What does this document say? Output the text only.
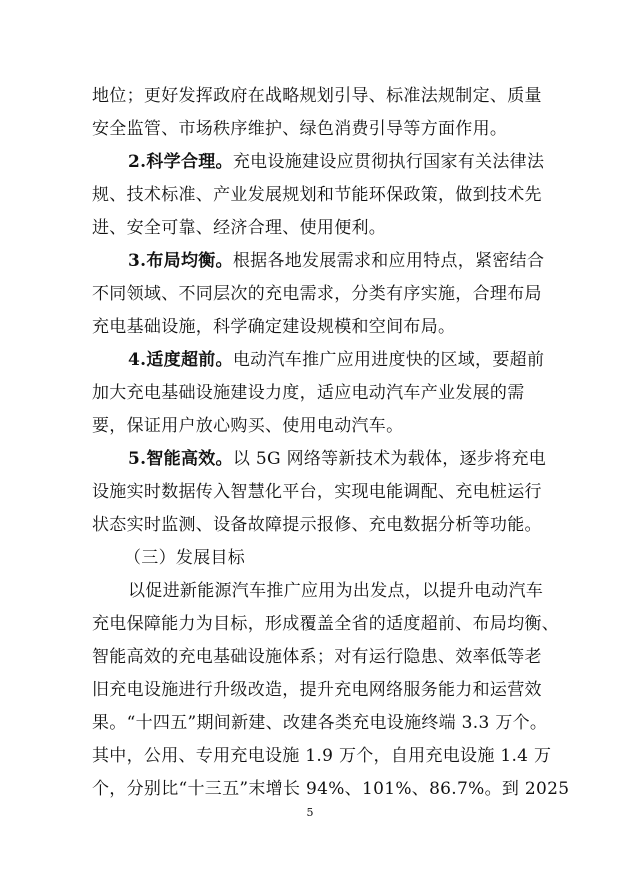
地位；更好发挥政府在战略规划引导、标准法规制定、质量
安全监管、市场秩序维护、绿色消费引导等方面作用。
2.科学合理。充电设施建设应贯彻执行国家有关法律法
规、技术标准、产业发展规划和节能环保政策，做到技术先
进、安全可靠、经济合理、使用便利。
3.布局均衡。根据各地发展需求和应用特点，紧密结合
不同领域、不同层次的充电需求，分类有序实施，合理布局
充电基础设施，科学确定建设规模和空间布局。
4.适度超前。电动汽车推广应用进度快的区域，要超前
加大充电基础设施建设力度，适应电动汽车产业发展的需
要，保证用户放心购买、使用电动汽车。
5.智能高效。以 5G 网络等新技术为载体，逐步将充电
设施实时数据传入智慧化平台，实现电能调配、充电桩运行
状态实时监测、设备故障提示报修、充电数据分析等功能。
（三）发展目标
以促进新能源汽车推广应用为出发点，以提升电动汽车
充电保障能力为目标，形成覆盖全省的适度超前、布局均衡、
智能高效的充电基础设施体系；对有运行隐患、效率低等老
旧充电设施进行升级改造，提升充电网络服务能力和运营效
果。“十四五”期间新建、改建各类充电设施终端 3.3 万个。
其中，公用、专用充电设施 1.9 万个，自用充电设施 1.4 万
个，分别比“十三五”末增长 94%、101%、86.7%。到 2025
5
